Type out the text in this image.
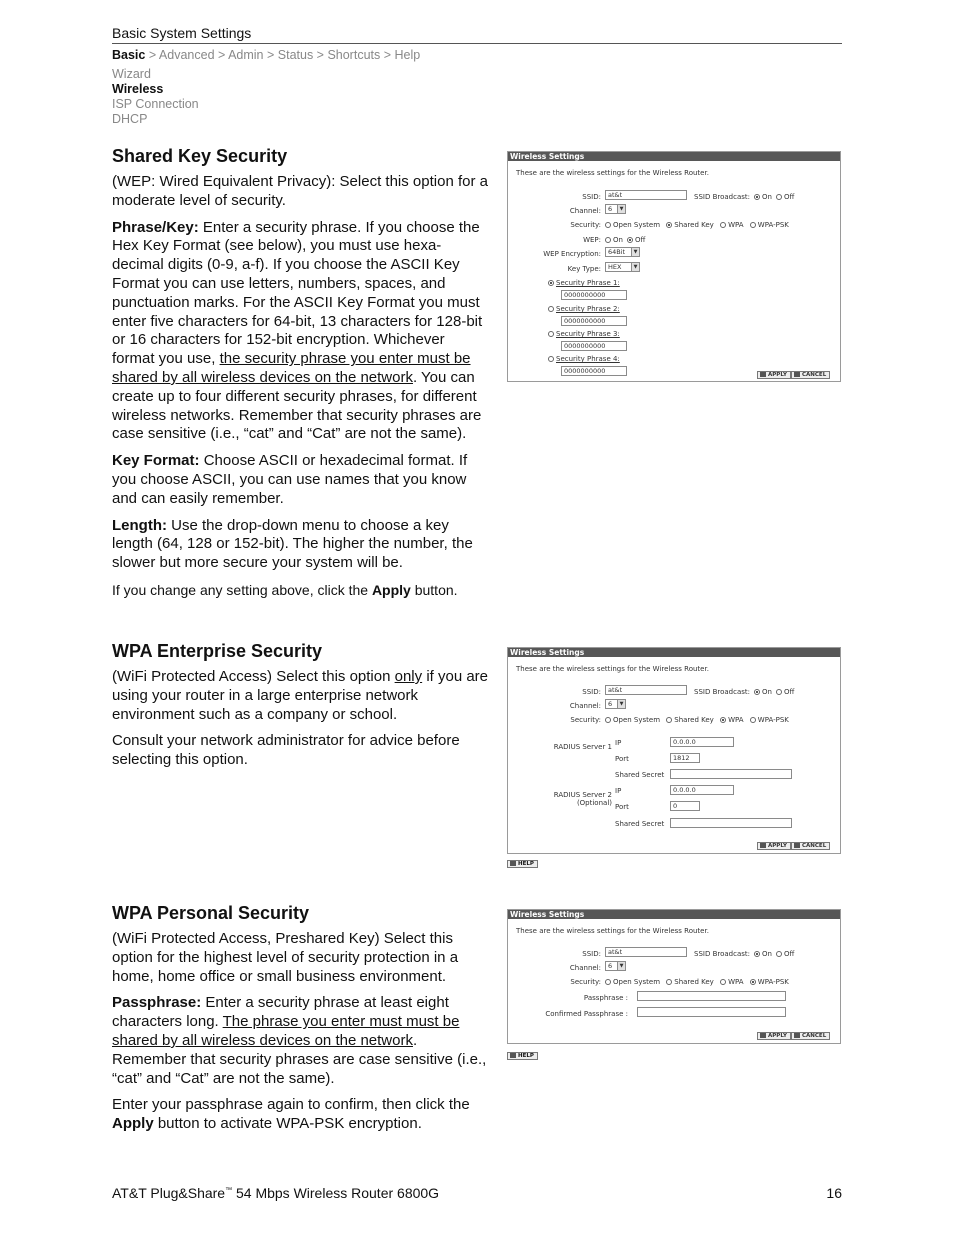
Basic System Settings
Basic > Advanced > Admin > Status > Shortcuts > Help
Wizard
Wireless
ISP Connection
DHCP
Shared Key Security

(WEP: Wired Equivalent Privacy): Select this option for a moderate level of security.

Phrase/Key: Enter a security phrase. If you choose the Hex Key Format (see below), you must use hexa-decimal digits (0-9, a-f). If you choose the ASCII Key Format you can use letters, numbers, spaces, and punctuation marks. For the ASCII Key Format you must enter five characters for 64-bit, 13 characters for 128-bit or 16 characters for 152-bit encryption. Whichever format you use, the security phrase you enter must be shared by all wireless devices on the network. You can create up to four different security phrases, for different wireless networks. Remember that security phrases are case sensitive (i.e., “cat” and “Cat” are not the same).

Key Format: Choose ASCII or hexadecimal format. If you choose ASCII, you can use names that you know and can easily remember.

Length: Use the drop-down menu to choose a key length (64, 128 or 152-bit). The higher the number, the slower but more secure your system will be.

If you change any setting above, click the Apply button.

Wireless Settings
These are the wireless settings for the Wireless Router.
SSID:	at&t	SSID Broadcast: On Off
Channel:	6	▼
Security:	Open System Shared Key WPA WPA-PSK
WEP:	On Off
WEP Encryption:	64Bit	▼
Key Type:	HEX	▼
Security Phrase 1:
0000000000
Security Phrase 2:
0000000000
Security Phrase 3:
0000000000
Security Phrase 4:
0000000000	APPLY	CANCEL
WPA Enterprise Security

(WiFi Protected Access) Select this option only if you are using your router in a large enterprise network environment such as a company or school.

Consult your network administrator for advice before selecting this option.

Wireless Settings
These are the wireless settings for the Wireless Router.
SSID:	at&t	SSID Broadcast: On Off
Channel:	6	▼
Security:	Open System Shared Key WPA WPA-PSK
RADIUS Server 1 IP	0.0.0.0
Port	1812
Shared Secret
RADIUS Server 2
(Optional)
IP	0.0.0.0
Port	0
Shared Secret
APPLY	CANCEL
HELP
WPA Personal Security

(WiFi Protected Access, Preshared Key) Select this option for the highest level of security protection in a home, home office or small business environment.

Passphrase: Enter a security phrase at least eight characters long. The phrase you enter must must be shared by all wireless devices on the network. Remember that security phrases are case sensitive (i.e., “cat” and “Cat” are not the same).

Enter your passphrase again to confirm, then click the Apply button to activate WPA-PSK encryption.

Wireless Settings
These are the wireless settings for the Wireless Router.
SSID:	at&t	SSID Broadcast: On Off
Channel:	6	▼
Security:	Open System Shared Key WPA WPA-PSK
Passphrase :
Confirmed Passphrase :
APPLY	CANCEL
HELP
AT&T Plug&Share™ 54 Mbps Wireless Router 6800G	16
